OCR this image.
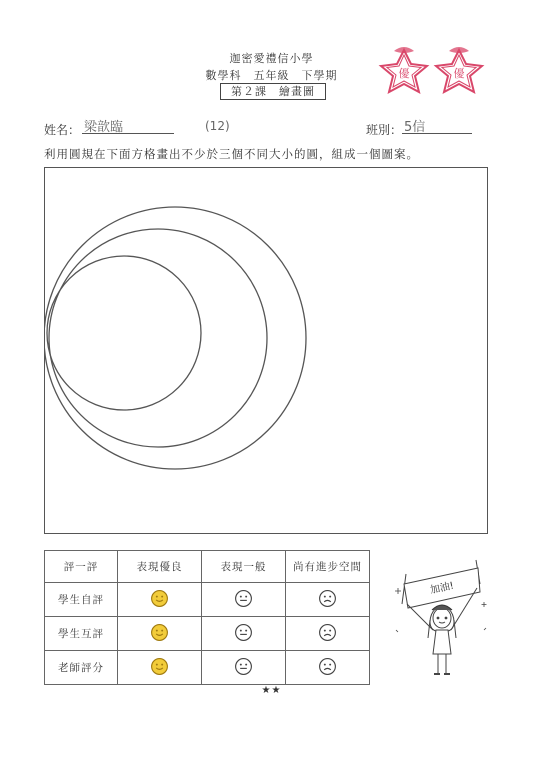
迦密愛禮信小學
數學科　五年級　下學期
第２課　繪畫圖
優	優
姓名： 梁歆臨	(12)	班別： 5信
利用圓規在下面方格畫出不少於三個不同大小的圓，組成一個圖案。
評一評	表現優良	表現一般	尚有進步空間
學生自評			
學生互評			
老師評分			
加油!
★★
